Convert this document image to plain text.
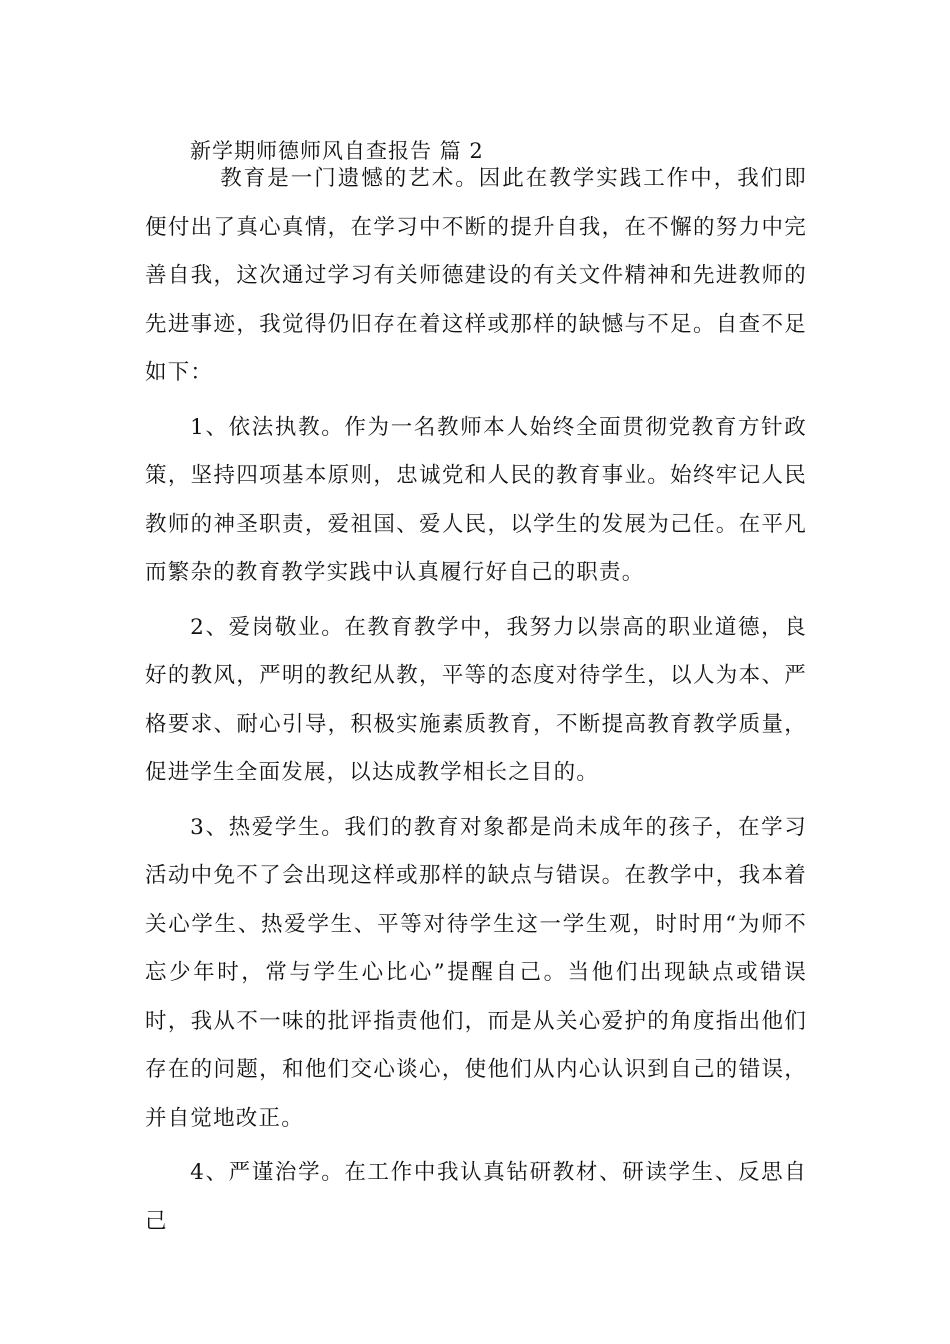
新学期师德师风自查报告 篇 2

教育是一门遗憾的艺术。因此在教学实践工作中，我们即便付出了真心真情，在学习中不断的提升自我，在不懈的努力中完善自我，这次通过学习有关师德建设的有关文件精神和先进教师的先进事迹，我觉得仍旧存在着这样或那样的缺憾与不足。自查不足如下：

1、依法执教。作为一名教师本人始终全面贯彻党教育方针政策，坚持四项基本原则，忠诚党和人民的教育事业。始终牢记人民教师的神圣职责，爱祖国、爱人民，以学生的发展为己任。在平凡而繁杂的教育教学实践中认真履行好自己的职责。

2、爱岗敬业。在教育教学中，我努力以崇高的职业道德，良好的教风，严明的教纪从教，平等的态度对待学生，以人为本、严格要求、耐心引导，积极实施素质教育，不断提高教育教学质量，促进学生全面发展，以达成教学相长之目的。

3、热爱学生。我们的教育对象都是尚未成年的孩子，在学习活动中免不了会出现这样或那样的缺点与错误。在教学中，我本着关心学生、热爱学生、平等对待学生这一学生观，时时用“为师不忘少年时，常与学生心比心”提醒自己。当他们出现缺点或错误时，我从不一味的批评指责他们，而是从关心爱护的角度指出他们存在的问题，和他们交心谈心，使他们从内心认识到自己的错误，并自觉地改正。

4、严谨治学。在工作中我认真钻研教材、研读学生、反思自己
